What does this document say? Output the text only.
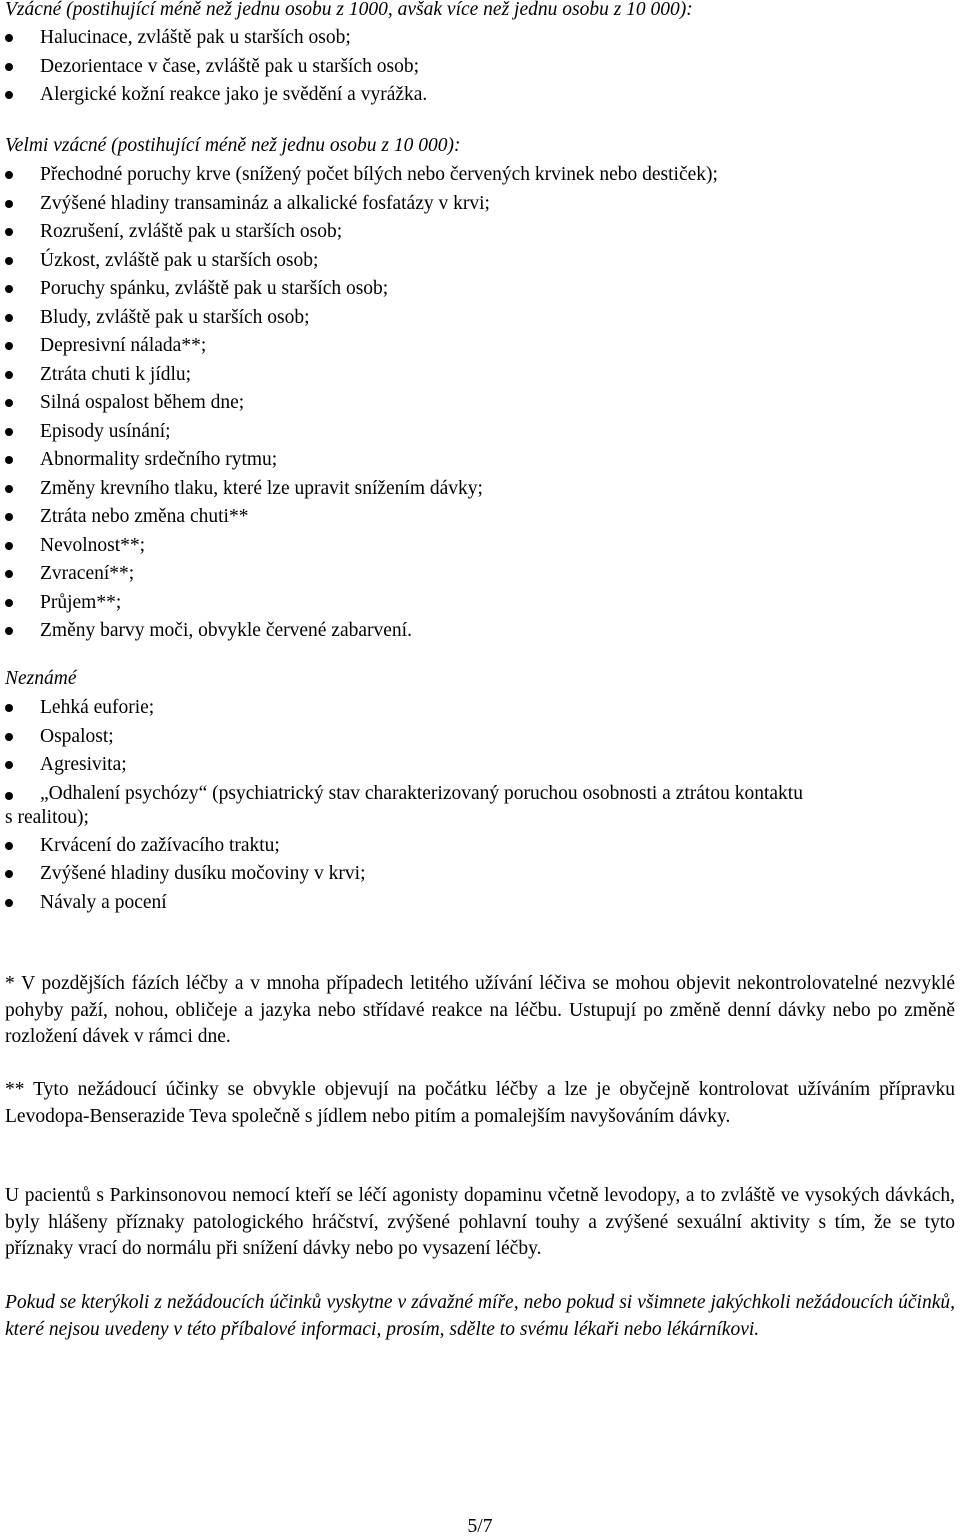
Vzácné (postihující méně než jednu osobu z 1000, avšak více než jednu osobu z 10 000):

Halucinace, zvláště pak u starších osob;
Dezorientace v čase, zvláště pak u starších osob;
Alergické kožní reakce jako je svědění a vyrážka.

Velmi vzácné (postihující méně než jednu osobu z 10 000):

Přechodné poruchy krve (snížený počet bílých nebo červených krvinek nebo destiček);
Zvýšené hladiny transamináz a alkalické fosfatázy v krvi;
Rozrušení, zvláště pak u starších osob;
Úzkost, zvláště pak u starších osob;
Poruchy spánku, zvláště pak u starších osob;
Bludy, zvláště pak u starších osob;
Depresivní nálada**;
Ztráta chuti k jídlu;
Silná ospalost během dne;
Episody usínání;
Abnormality srdečního rytmu;
Změny krevního tlaku, které lze upravit snížením dávky;
Ztráta nebo změna chuti**
Nevolnost**;
Zvracení**;
Průjem**;
Změny barvy moči, obvykle červené zabarvení.

Neznámé

Lehká euforie;
Ospalost;
Agresivita;
„Odhalení psychózy“ (psychiatrický stav charakterizovaný poruchou osobnosti a ztrátou kontaktu
s realitou);
Krvácení do zažívacího traktu;
Zvýšené hladiny dusíku močoviny v krvi;
Návaly a pocení

* V pozdějších fázích léčby a v mnoha případech letitého užívání léčiva se mohou objevit nekontrolovatelné nezvyklé pohyby paží, nohou, obličeje a jazyka nebo střídavé reakce na léčbu. Ustupují po změně denní dávky nebo po změně rozložení dávek v rámci dne.

** Tyto nežádoucí účinky se obvykle objevují na počátku léčby a lze je obyčejně kontrolovat užíváním přípravku Levodopa-Benserazide Teva společně s jídlem nebo pitím a pomalejším navyšováním dávky.

U pacientů s Parkinsonovou nemocí kteří se léčí agonisty dopaminu včetně levodopy, a to zvláště ve vysokých dávkách, byly hlášeny příznaky patologického hráčství, zvýšené pohlavní touhy a zvýšené sexuální aktivity s tím, že se tyto příznaky vrací do normálu při snížení dávky nebo po vysazení léčby.

Pokud se kterýkoli z nežádoucích účinků vyskytne v závažné míře, nebo pokud si všimnete jakýchkoli nežádoucích účinků, které nejsou uvedeny v této příbalové informaci, prosím, sdělte to svému lékaři nebo lékárníkovi.

5/7
